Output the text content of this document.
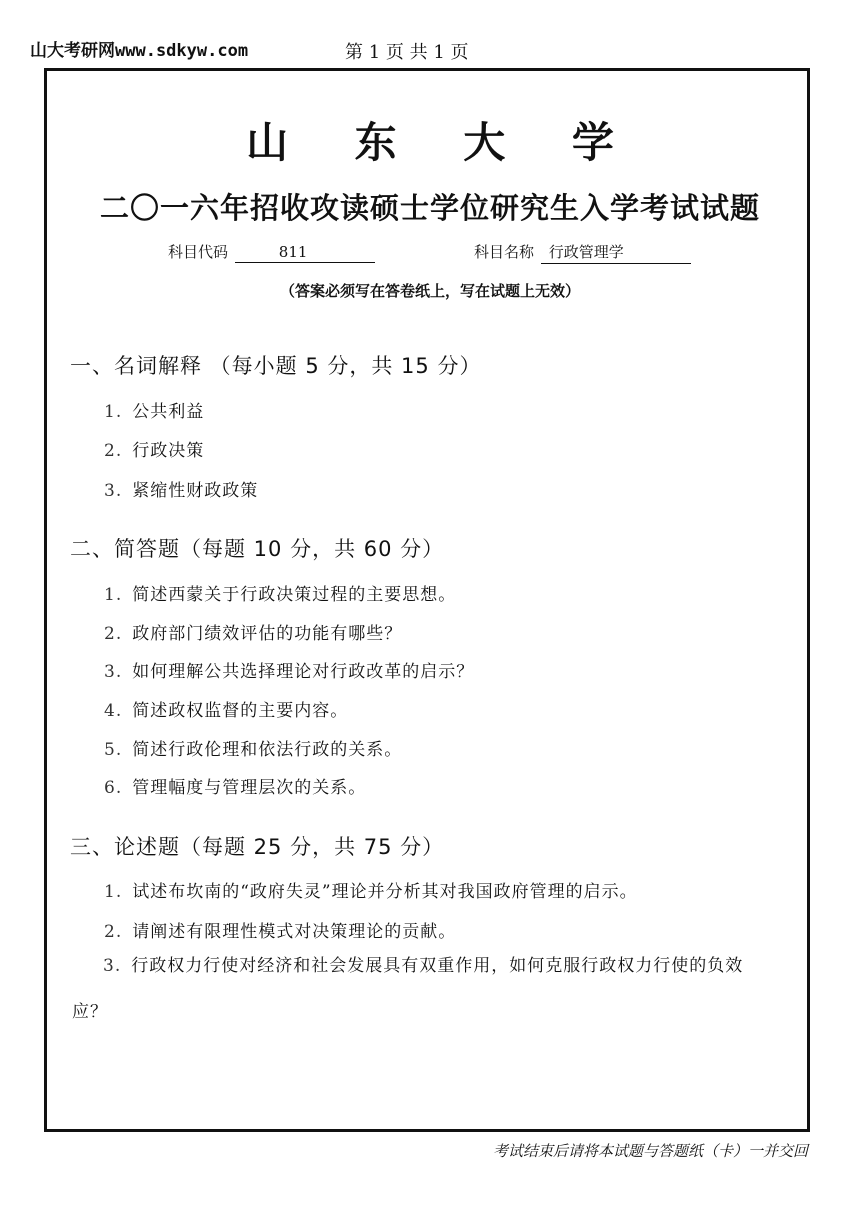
山大考研网www.sdkyw.com	第 1 页 共 1 页
山 东 大 学
二〇一六年招收攻读硕士学位研究生入学考试试题
科目代码	811	科目名称 行政管理学
（答案必须写在答卷纸上，写在试题上无效）
一、名词解释 （每小题 5 分，共 15 分）
1. 公共利益
2. 行政决策
3. 紧缩性财政政策
二、简答题（每题 10 分，共 60 分）
1. 简述西蒙关于行政决策过程的主要思想。
2. 政府部门绩效评估的功能有哪些？
3. 如何理解公共选择理论对行政改革的启示？
4. 简述政权监督的主要内容。
5. 简述行政伦理和依法行政的关系。
6. 管理幅度与管理层次的关系。
三、论述题（每题 25 分，共 75 分）
1. 试述布坎南的“政府失灵”理论并分析其对我国政府管理的启示。
2. 请阐述有限理性模式对决策理论的贡献。
3. 行政权力行使对经济和社会发展具有双重作用，如何克服行政权力行使的负效应？
考试结束后请将本试题与答题纸（卡）一并交回
